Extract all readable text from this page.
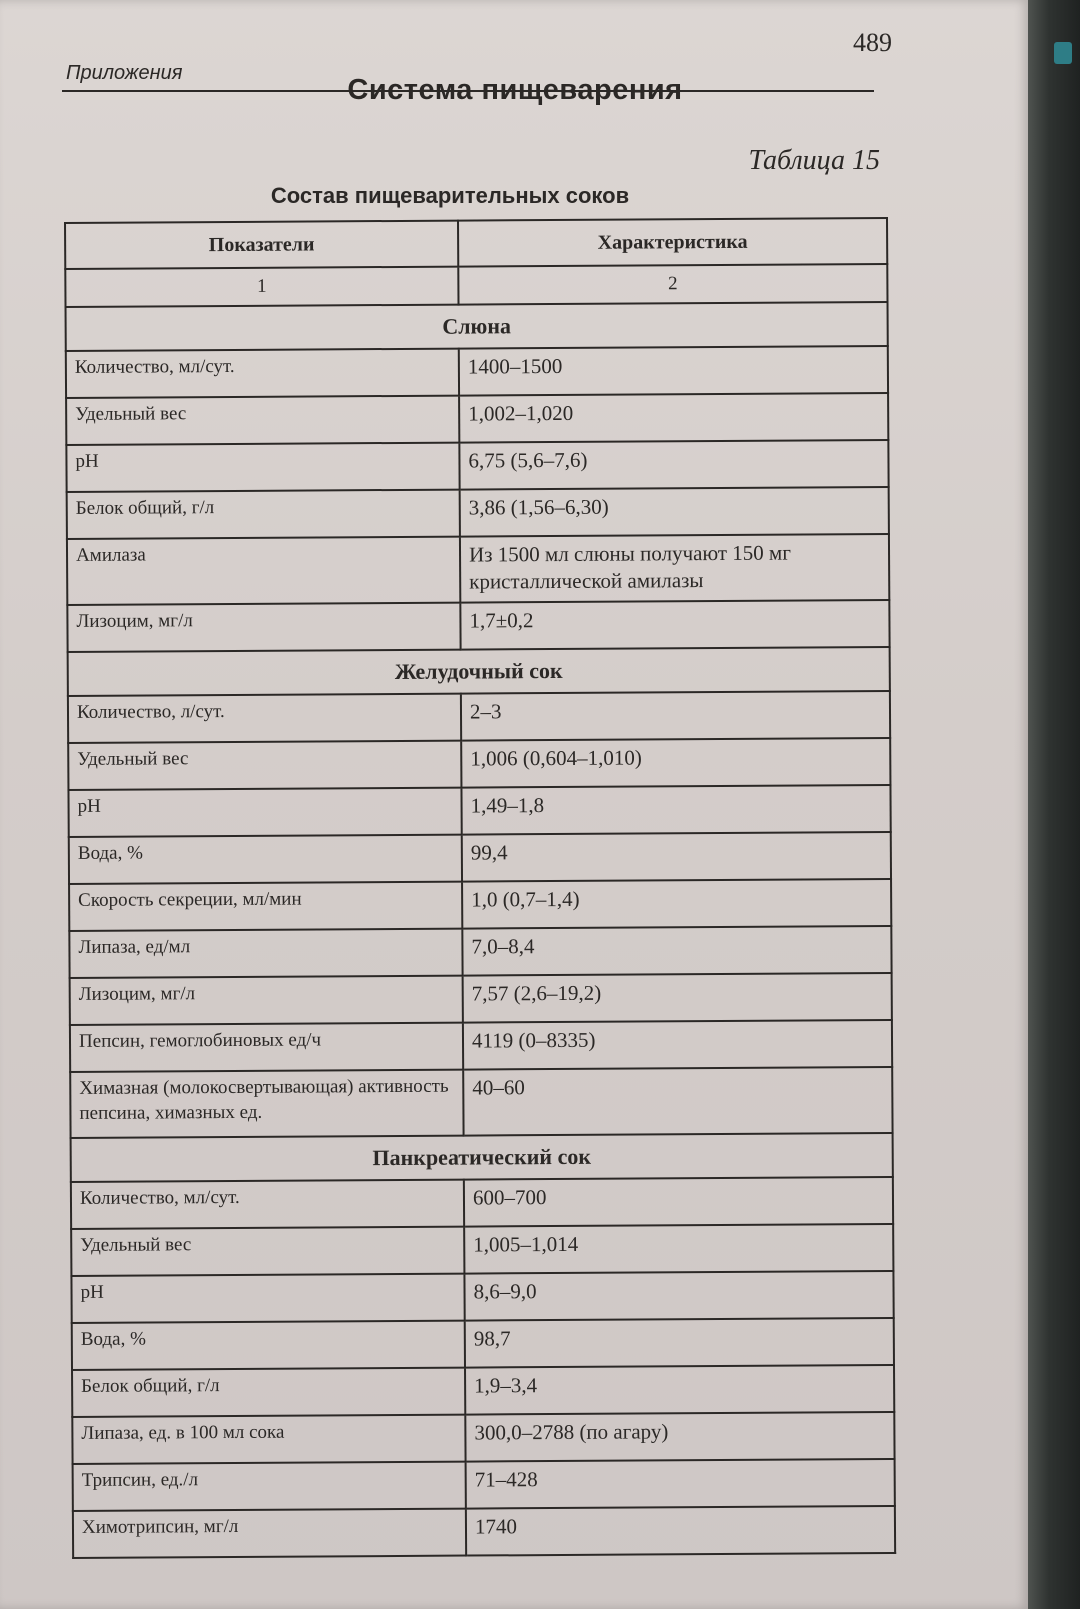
Приложения
489
Система пищеварения
Таблица 15
Состав пищеварительных соков
Показатели	Характеристика
1	2
Слюна	
Количество, мл/сут.	1400–1500
Удельный вес	1,002–1,020
рН	6,75 (5,6–7,6)
Белок общий, г/л	3,86 (1,56–6,30)
Амилаза	Из 1500 мл слюны получают 150 мг кристаллической амилазы
Лизоцим, мг/л	1,7±0,2
Желудочный сок	
Количество, л/сут.	2–3
Удельный вес	1,006 (0,604–1,010)
рН	1,49–1,8
Вода, %	99,4
Скорость секреции, мл/мин	1,0 (0,7–1,4)
Липаза, ед/мл	7,0–8,4
Лизоцим, мг/л	7,57 (2,6–19,2)
Пепсин, гемоглобиновых ед/ч	4119 (0–8335)
Химазная (молокосвертывающая) активность пепсина, химазных ед.	40–60
Панкреатический сок	
Количество, мл/сут.	600–700
Удельный вес	1,005–1,014
рН	8,6–9,0
Вода, %	98,7
Белок общий, г/л	1,9–3,4
Липаза, ед. в 100 мл сока	300,0–2788 (по агару)
Трипсин, ед./л	71–428
Химотрипсин, мг/л	1740
